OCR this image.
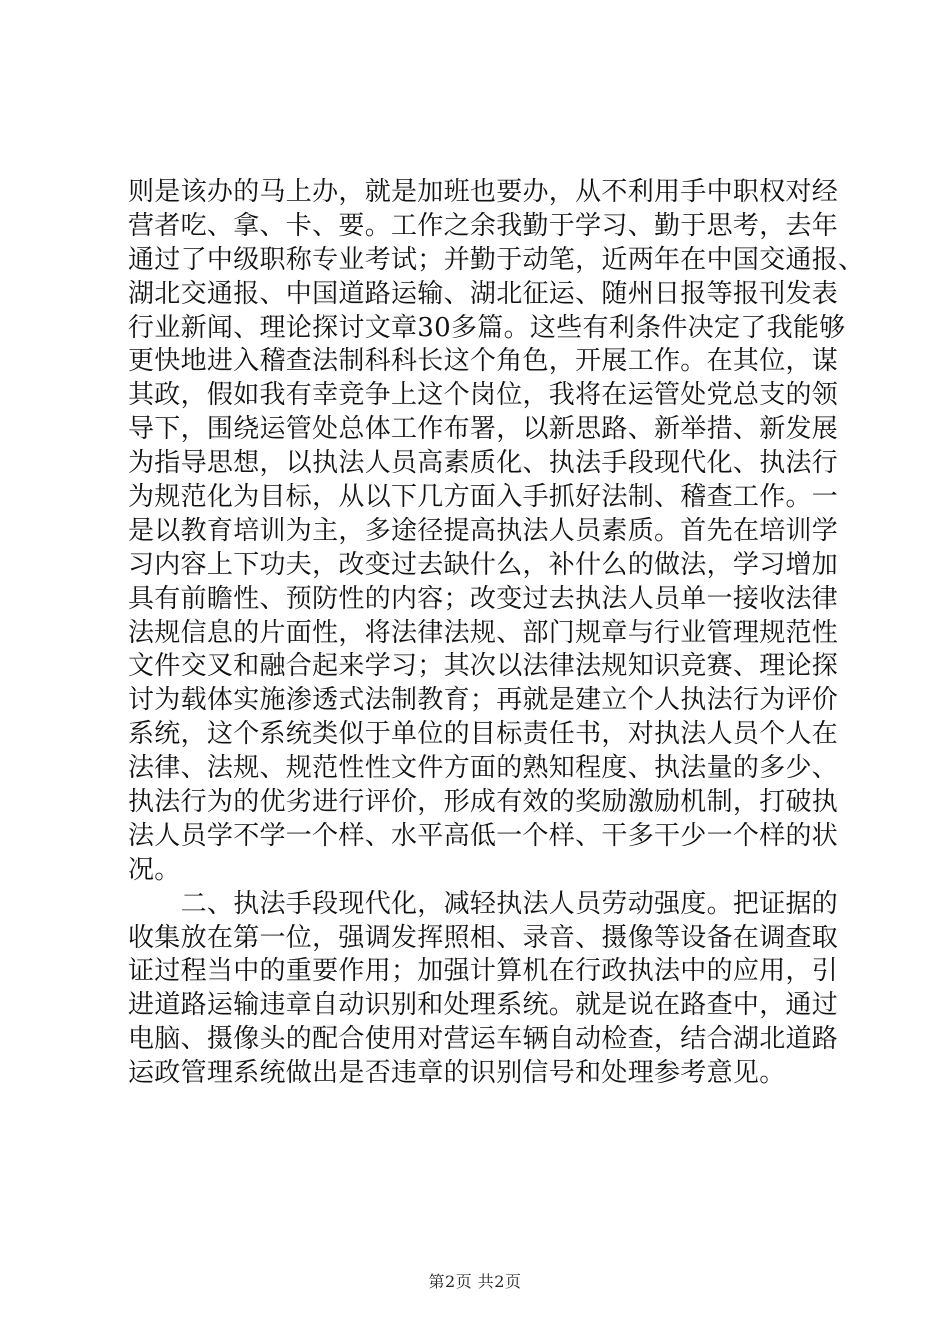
则是该办的马上办，就是加班也要办，从不利用手中职权对经
营者吃、拿、卡、要。工作之余我勤于学习、勤于思考，去年
通过了中级职称专业考试；并勤于动笔，近两年在中国交通报、
湖北交通报、中国道路运输、湖北征运、随州日报等报刊发表
行业新闻、理论探讨文章30多篇。这些有利条件决定了我能够
更快地进入稽查法制科科长这个角色，开展工作。在其位，谋
其政，假如我有幸竞争上这个岗位，我将在运管处党总支的领
导下，围绕运管处总体工作布署，以新思路、新举措、新发展
为指导思想，以执法人员高素质化、执法手段现代化、执法行
为规范化为目标，从以下几方面入手抓好法制、稽查工作。一
是以教育培训为主，多途径提高执法人员素质。首先在培训学
习内容上下功夫，改变过去缺什么，补什么的做法，学习增加
具有前瞻性、预防性的内容；改变过去执法人员单一接收法律
法规信息的片面性，将法律法规、部门规章与行业管理规范性
文件交叉和融合起来学习；其次以法律法规知识竞赛、理论探
讨为载体实施渗透式法制教育；再就是建立个人执法行为评价
系统，这个系统类似于单位的目标责任书，对执法人员个人在
法律、法规、规范性性文件方面的熟知程度、执法量的多少、
执法行为的优劣进行评价，形成有效的奖励激励机制，打破执
法人员学不学一个样、水平高低一个样、干多干少一个样的状
况。
　　二、执法手段现代化，减轻执法人员劳动强度。把证据的
收集放在第一位，强调发挥照相、录音、摄像等设备在调查取
证过程当中的重要作用；加强计算机在行政执法中的应用，引
进道路运输违章自动识别和处理系统。就是说在路查中，通过
电脑、摄像头的配合使用对营运车辆自动检查，结合湖北道路
运政管理系统做出是否违章的识别信号和处理参考意见。
第2页 共2页
